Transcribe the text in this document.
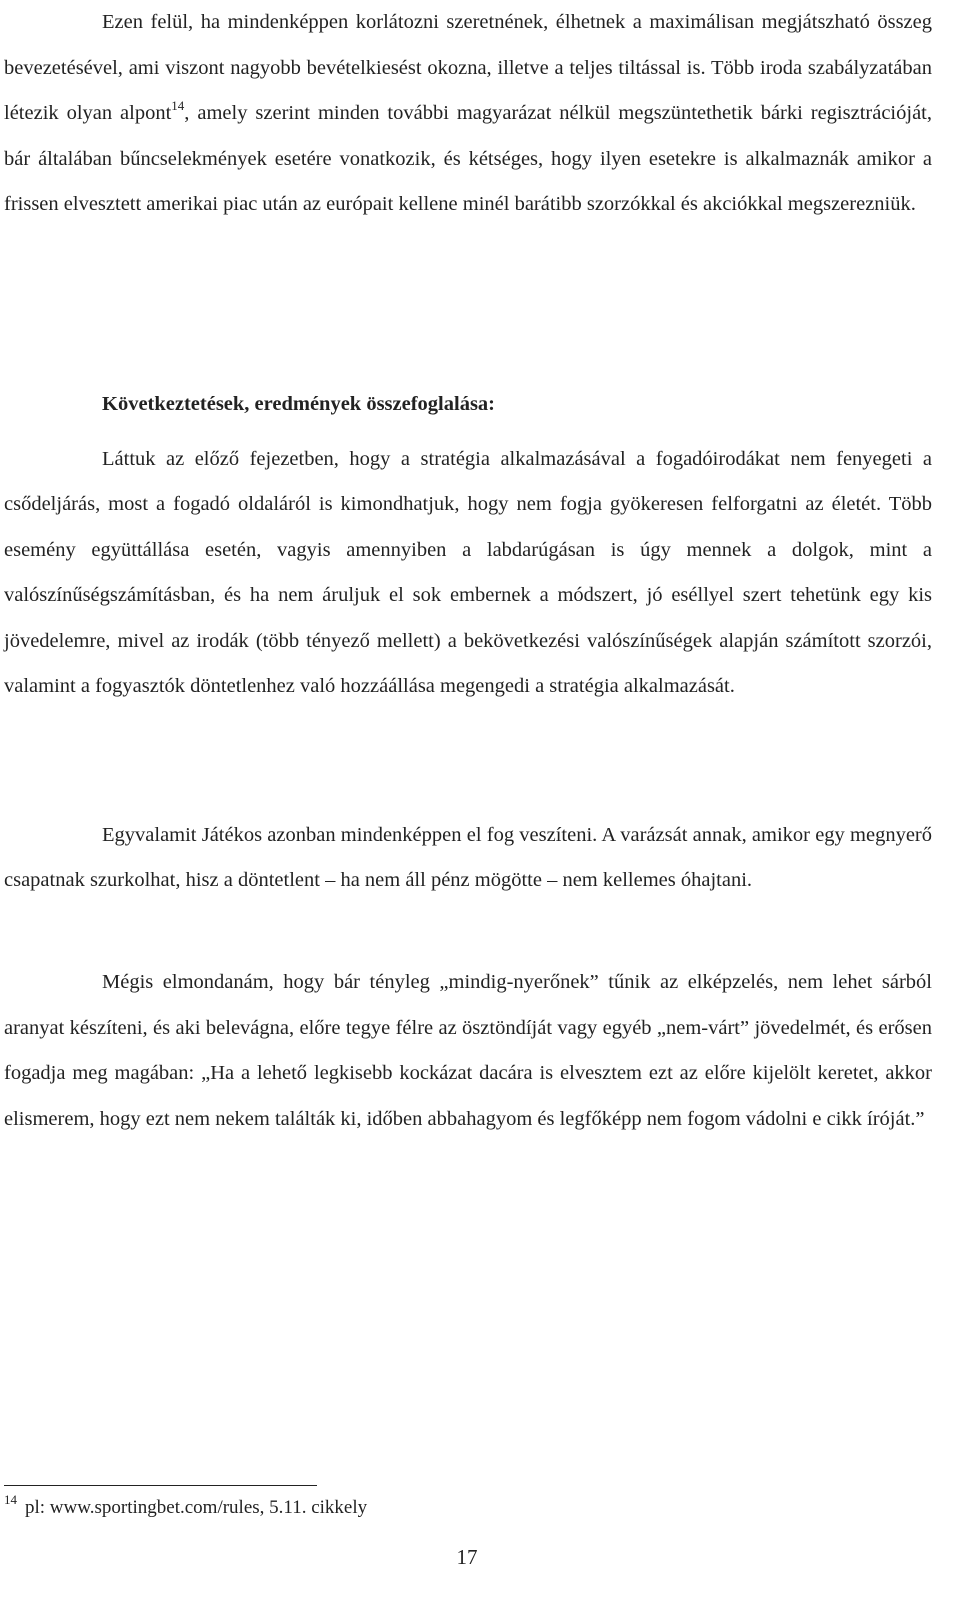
Ezen felül, ha mindenképpen korlátozni szeretnének, élhetnek a maximálisan megjátszható összeg bevezetésével, ami viszont nagyobb bevételkiesést okozna, illetve a teljes tiltással is. Több iroda szabályzatában létezik olyan alpont$^{14}$, amely szerint minden további magyarázat nélkül megszüntethetik bárki regisztrációját, bár általában bűncselekmények esetére vonatkozik, és kétséges, hogy ilyen esetekre is alkalmaznák amikor a frissen elvesztett amerikai piac után az európait kellene minél barátibb szorzókkal és akciókkal megszerezniük.

Következtetések, eredmények összefoglalása:

Láttuk az előző fejezetben, hogy a stratégia alkalmazásával a fogadóirodákat nem fenyegeti a csődeljárás, most a fogadó oldaláról is kimondhatjuk, hogy nem fogja gyökeresen felforgatni az életét. Több esemény együttállása esetén, vagyis amennyiben a labdarúgásan is úgy mennek a dolgok, mint a valószínűségszámításban, és ha nem áruljuk el sok embernek a módszert, jó eséllyel szert tehetünk egy kis jövedelemre, mivel az irodák (több tényező mellett) a bekövetkezési valószínűségek alapján számított szorzói, valamint a fogyasztók döntetlenhez való hozzáállása megengedi a stratégia alkalmazását.

Egyvalamit Játékos azonban mindenképpen el fog veszíteni. A varázsát annak, amikor egy megnyerő csapatnak szurkolhat, hisz a döntetlent – ha nem áll pénz mögötte – nem kellemes óhajtani.

Mégis elmondanám, hogy bár tényleg „mindig-nyerőnek” tűnik az elképzelés, nem lehet sárból aranyat készíteni, és aki belevágna, előre tegye félre az ösztöndíját vagy egyéb „nem-várt” jövedelmét, és erősen fogadja meg magában: „Ha a lehető legkisebb kockázat dacára is elvesztem ezt az előre kijelölt keretet, akkor elismerem, hogy ezt nem nekem találták ki, időben abbahagyom és legfőképp nem fogom vádolni e cikk íróját.”

$^{14}$ pl: www.sportingbet.com/rules, 5.11. cikkely
17
